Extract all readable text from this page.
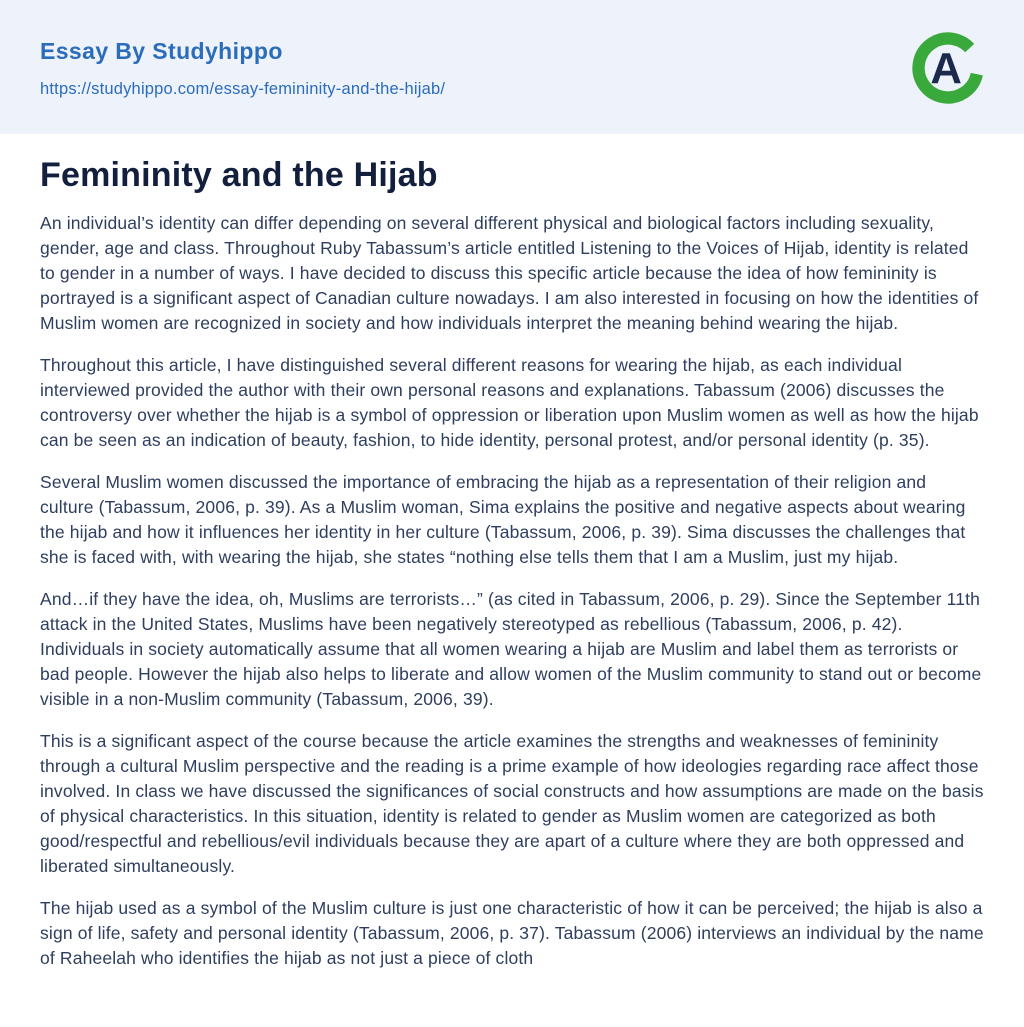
Essay By Studyhippo
https://studyhippo.com/essay-femininity-and-the-hijab/	A
Femininity and the Hijab

An individual’s identity can differ depending on several different physical and biological factors including sexuality, gender, age and class. Throughout Ruby Tabassum’s article entitled Listening to the Voices of Hijab, identity is related to gender in a number of ways. I have decided to discuss this specific article because the idea of how femininity is portrayed is a significant aspect of Canadian culture nowadays. I am also interested in focusing on how the identities of Muslim women are recognized in society and how individuals interpret the meaning behind wearing the hijab.

Throughout this article, I have distinguished several different reasons for wearing the hijab, as each individual interviewed provided the author with their own personal reasons and explanations. Tabassum (2006) discusses the controversy over whether the hijab is a symbol of oppression or liberation upon Muslim women as well as how the hijab can be seen as an indication of beauty, fashion, to hide identity, personal protest, and/or personal identity (p. 35).

Several Muslim women discussed the importance of embracing the hijab as a representation of their religion and culture (Tabassum, 2006, p. 39). As a Muslim woman, Sima explains the positive and negative aspects about wearing the hijab and how it influences her identity in her culture (Tabassum, 2006, p. 39). Sima discusses the challenges that she is faced with, with wearing the hijab, she states “nothing else tells them that I am a Muslim, just my hijab.

And…if they have the idea, oh, Muslims are terrorists…” (as cited in Tabassum, 2006, p. 29). Since the September 11th attack in the United States, Muslims have been negatively stereotyped as rebellious (Tabassum, 2006, p. 42). Individuals in society automatically assume that all women wearing a hijab are Muslim and label them as terrorists or bad people. However the hijab also helps to liberate and allow women of the Muslim community to stand out or become visible in a non-Muslim community (Tabassum, 2006, 39).

This is a significant aspect of the course because the article examines the strengths and weaknesses of femininity through a cultural Muslim perspective and the reading is a prime example of how ideologies regarding race affect those involved. In class we have discussed the significances of social constructs and how assumptions are made on the basis of physical characteristics. In this situation, identity is related to gender as Muslim women are categorized as both good/respectful and rebellious/evil individuals because they are apart of a culture where they are both oppressed and liberated simultaneously.

The hijab used as a symbol of the Muslim culture is just one characteristic of how it can be perceived; the hijab is also a sign of life, safety and personal identity (Tabassum, 2006, p. 37). Tabassum (2006) interviews an individual by the name of Raheelah who identifies the hijab as not just a piece of cloth
